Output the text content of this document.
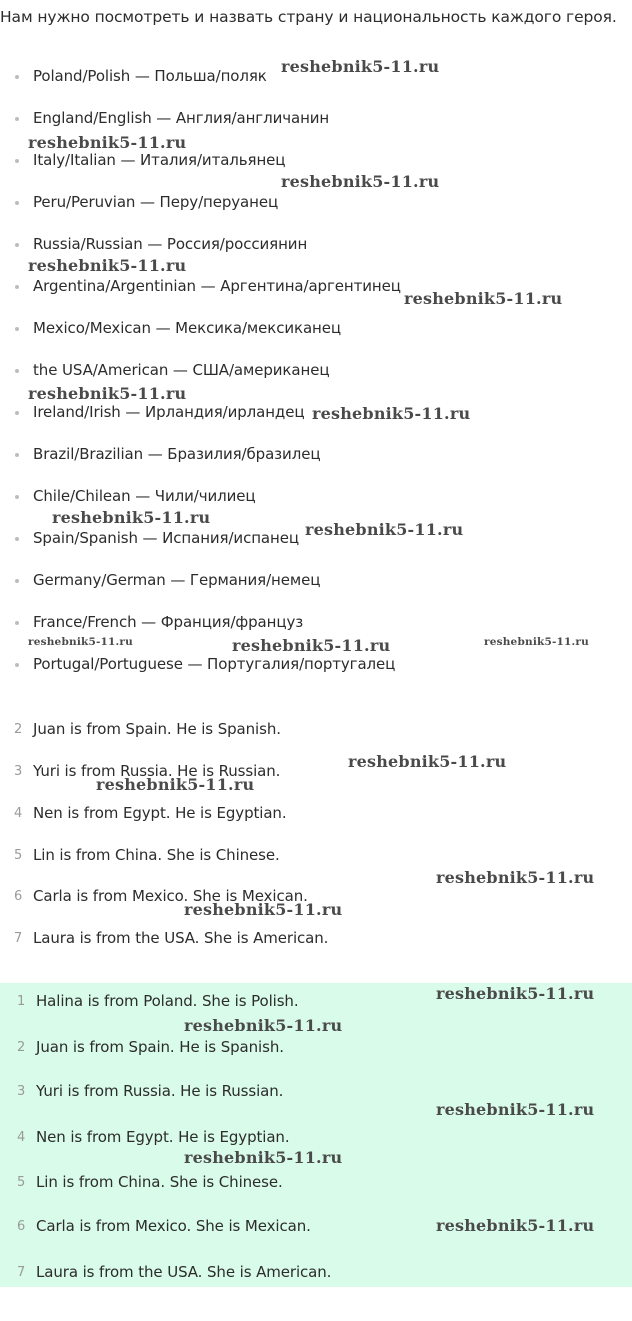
Нам нужно посмотреть и назвать страну и национальность каждого героя.
Poland/Polish — Польша/поляк
England/English — Англия/англичанин
Italy/Italian — Италия/итальянец
Peru/Peruvian — Перу/перуанец
Russia/Russian — Россия/россиянин
Argentina/Argentinian — Аргентина/аргентинец
Mexico/Mexican — Мексика/мексиканец
the USA/American — США/американец
Ireland/Irish — Ирландия/ирландец
Brazil/Brazilian — Бразилия/бразилец
Chile/Chilean — Чили/чилиец
Spain/Spanish — Испания/испанец
Germany/German — Германия/немец
France/French — Франция/француз
Portugal/Portuguese — Португалия/португалец
2 Juan is from Spain. He is Spanish.
3 Yuri is from Russia. He is Russian.
4 Nen is from Egypt. He is Egyptian.
5 Lin is from China. She is Chinese.
6 Carla is from Mexico. She is Mexican.
7 Laura is from the USA. She is American.
1 Halina is from Poland. She is Polish.
2 Juan is from Spain. He is Spanish.
3 Yuri is from Russia. He is Russian.
4 Nen is from Egypt. He is Egyptian.
5 Lin is from China. She is Chinese.
6 Carla is from Mexico. She is Mexican.
7 Laura is from the USA. She is American.
reshebnik5-11.ru
reshebnik5-11.ru
reshebnik5-11.ru
reshebnik5-11.ru
reshebnik5-11.ru
reshebnik5-11.ru
reshebnik5-11.ru
reshebnik5-11.ru
reshebnik5-11.ru
reshebnik5-11.ru	reshebnik5-11.ru	reshebnik5-11.ru
reshebnik5-11.ru
reshebnik5-11.ru
reshebnik5-11.ru
reshebnik5-11.ru
reshebnik5-11.ru
reshebnik5-11.ru
reshebnik5-11.ru
reshebnik5-11.ru
reshebnik5-11.ru
